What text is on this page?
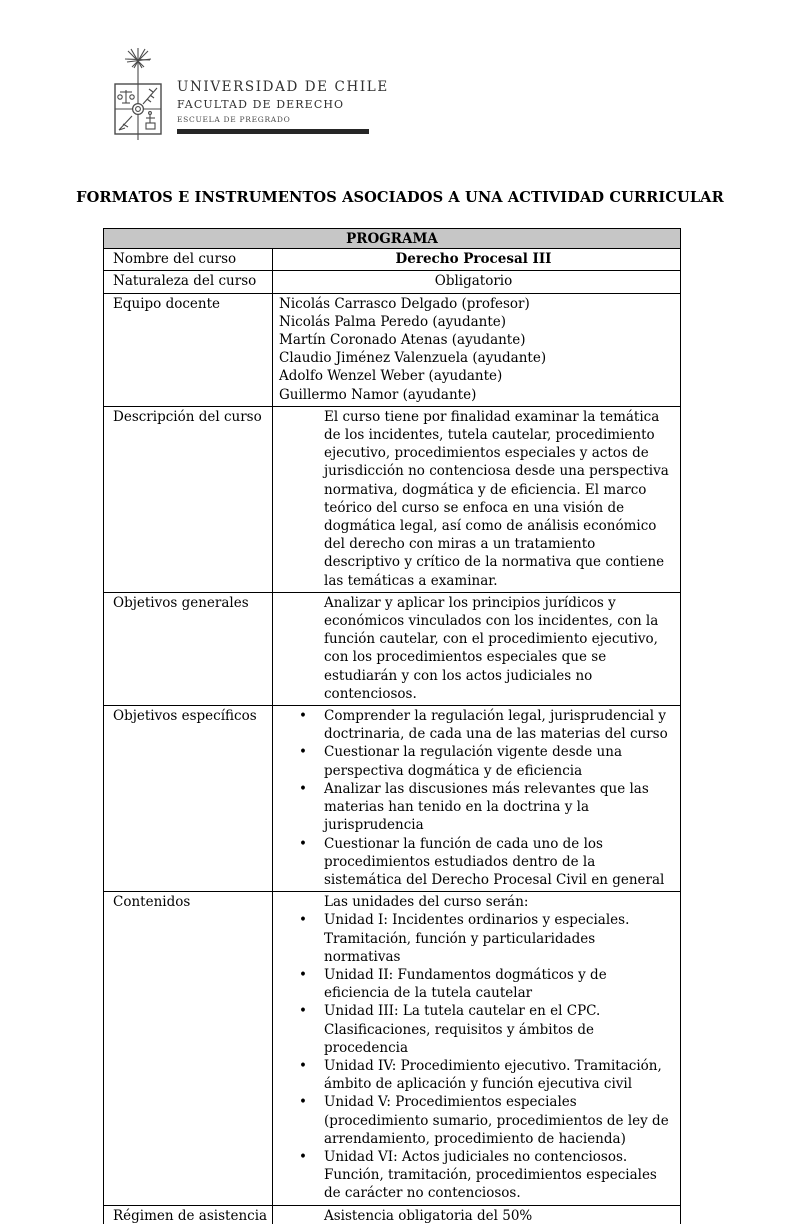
UNIVERSIDAD DE CHILE
FACULTAD DE DERECHO
ESCUELA DE PREGRADO
FORMATOS E INSTRUMENTOS ASOCIADOS A UNA ACTIVIDAD CURRICULAR
PROGRAMA
Nombre del curso	Derecho Procesal III
Naturaleza del curso	Obligatorio
Equipo docente	Nicolás Carrasco Delgado (profesor)
Nicolás Palma Peredo (ayudante)
Martín Coronado Atenas (ayudante)
Claudio Jiménez Valenzuela (ayudante)
Adolfo Wenzel Weber (ayudante)
Guillermo Namor (ayudante)
Descripción del curso	El curso tiene por finalidad examinar la temática de los incidentes, tutela cautelar, procedimiento ejecutivo, procedimientos especiales y actos de jurisdicción no contenciosa desde una perspectiva normativa, dogmática y de eficiencia. El marco teórico del curso se enfoca en una visión de dogmática legal, así como de análisis económico del derecho con miras a un tratamiento descriptivo y crítico de la normativa que contiene las temáticas a examinar.
Objetivos generales	Analizar y aplicar los principios jurídicos y económicos vinculados con los incidentes, con la función cautelar, con el procedimiento ejecutivo, con los procedimientos especiales que se estudiarán y con los actos judiciales no contenciosos.
Objetivos específicos	•	Comprender la regulación legal, jurisprudencial y doctrinaria, de cada una de las materias del curso
•	Cuestionar la regulación vigente desde una perspectiva dogmática y de eficiencia
•	Analizar las discusiones más relevantes que las materias han tenido en la doctrina y la jurisprudencia
•	Cuestionar la función de cada uno de los procedimientos estudiados dentro de la sistemática del Derecho Procesal Civil en general
Contenidos	Las unidades del curso serán:
•	Unidad I: Incidentes ordinarios y especiales. Tramitación, función y particularidades normativas
•	Unidad II: Fundamentos dogmáticos y de eficiencia de la tutela cautelar
•	Unidad III: La tutela cautelar en el CPC. Clasificaciones, requisitos y ámbitos de procedencia
•	Unidad IV: Procedimiento ejecutivo. Tramitación, ámbito de aplicación y función ejecutiva civil
•	Unidad V: Procedimientos especiales (procedimiento sumario, procedimientos de ley de arrendamiento, procedimiento de hacienda)
•	Unidad VI: Actos judiciales no contenciosos. Función, tramitación, procedimientos especiales de carácter no contenciosos.
Régimen de asistencia	Asistencia obligatoria del 50%
